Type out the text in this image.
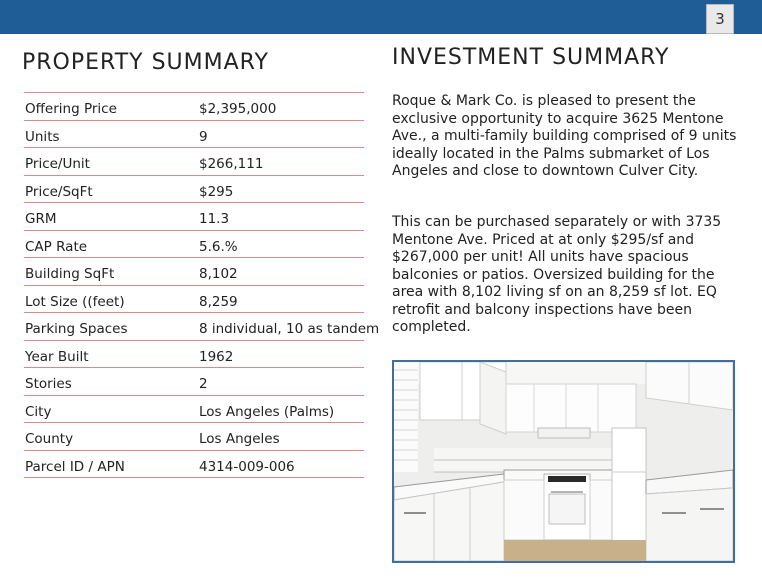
3
PROPERTY SUMMARY
Offering Price	$2,395,000
Units	9
Price/Unit	$266,111
Price/SqFt	$295
GRM	11.3
CAP Rate	5.6.%
Building SqFt	8,102
Lot Size ((feet)	8,259
Parking Spaces	8 individual, 10 as tandem
Year Built	1962
Stories	2
City	Los Angeles (Palms)
County	Los Angeles
Parcel ID / APN	4314-009-006
INVESTMENT SUMMARY

Roque & Mark Co. is pleased to present the exclusive opportunity to acquire 3625 Mentone Ave., a multi-family building comprised of 9 units ideally located in the Palms submarket of Los Angeles and close to downtown Culver City.

This can be purchased separately or with 3735 Mentone Ave. Priced at at only $295/sf and $267,000 per unit! All units have spacious balconies or patios. Oversized building for the area with 8,102 living sf on an 8,259 sf lot. EQ retrofit and balcony inspections have been completed.
